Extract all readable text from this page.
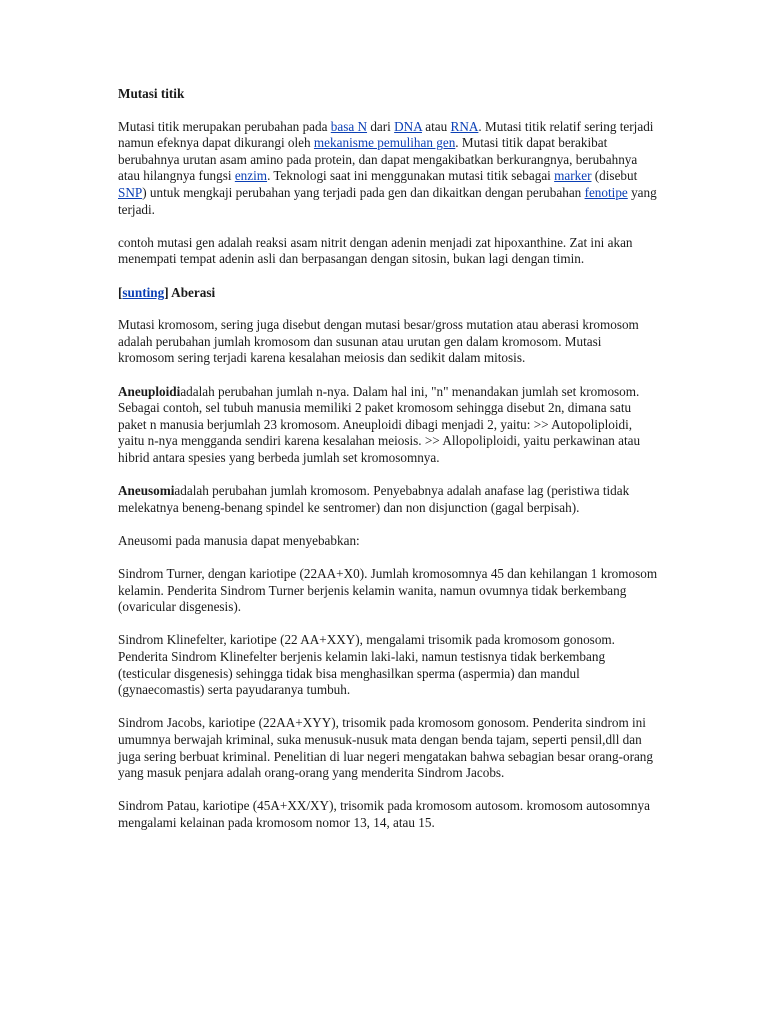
Mutasi titik

Mutasi titik merupakan perubahan pada basa N dari DNA atau RNA. Mutasi titik relatif sering terjadi namun efeknya dapat dikurangi oleh mekanisme pemulihan gen. Mutasi titik dapat berakibat berubahnya urutan asam amino pada protein, dan dapat mengakibatkan berkurangnya, berubahnya atau hilangnya fungsi enzim. Teknologi saat ini menggunakan mutasi titik sebagai marker (disebut SNP) untuk mengkaji perubahan yang terjadi pada gen dan dikaitkan dengan perubahan fenotipe yang terjadi.

contoh mutasi gen adalah reaksi asam nitrit dengan adenin menjadi zat hipoxanthine. Zat ini akan menempati tempat adenin asli dan berpasangan dengan sitosin, bukan lagi dengan timin.

[sunting] Aberasi

Mutasi kromosom, sering juga disebut dengan mutasi besar/gross mutation atau aberasi kromosom adalah perubahan jumlah kromosom dan susunan atau urutan gen dalam kromosom. Mutasi kromosom sering terjadi karena kesalahan meiosis dan sedikit dalam mitosis.

Aneuploidiadalah perubahan jumlah n-nya. Dalam hal ini, "n" menandakan jumlah set kromosom. Sebagai contoh, sel tubuh manusia memiliki 2 paket kromosom sehingga disebut 2n, dimana satu paket n manusia berjumlah 23 kromosom. Aneuploidi dibagi menjadi 2, yaitu: >> Autopoliploidi, yaitu n-nya mengganda sendiri karena kesalahan meiosis. >> Allopoliploidi, yaitu perkawinan atau hibrid antara spesies yang berbeda jumlah set kromosomnya.

Aneusomiadalah perubahan jumlah kromosom. Penyebabnya adalah anafase lag (peristiwa tidak melekatnya beneng-benang spindel ke sentromer) dan non disjunction (gagal berpisah).

Aneusomi pada manusia dapat menyebabkan:

Sindrom Turner, dengan kariotipe (22AA+X0). Jumlah kromosomnya 45 dan kehilangan 1 kromosom kelamin. Penderita Sindrom Turner berjenis kelamin wanita, namun ovumnya tidak berkembang (ovaricular disgenesis).

Sindrom Klinefelter, kariotipe (22 AA+XXY), mengalami trisomik pada kromosom gonosom. Penderita Sindrom Klinefelter berjenis kelamin laki-laki, namun testisnya tidak berkembang (testicular disgenesis) sehingga tidak bisa menghasilkan sperma (aspermia) dan mandul (gynaecomastis) serta payudaranya tumbuh.

Sindrom Jacobs, kariotipe (22AA+XYY), trisomik pada kromosom gonosom. Penderita sindrom ini umumnya berwajah kriminal, suka menusuk-nusuk mata dengan benda tajam, seperti pensil,dll dan juga sering berbuat kriminal. Penelitian di luar negeri mengatakan bahwa sebagian besar orang-orang yang masuk penjara adalah orang-orang yang menderita Sindrom Jacobs.

Sindrom Patau, kariotipe (45A+XX/XY), trisomik pada kromosom autosom. kromosom autosomnya mengalami kelainan pada kromosom nomor 13, 14, atau 15.
